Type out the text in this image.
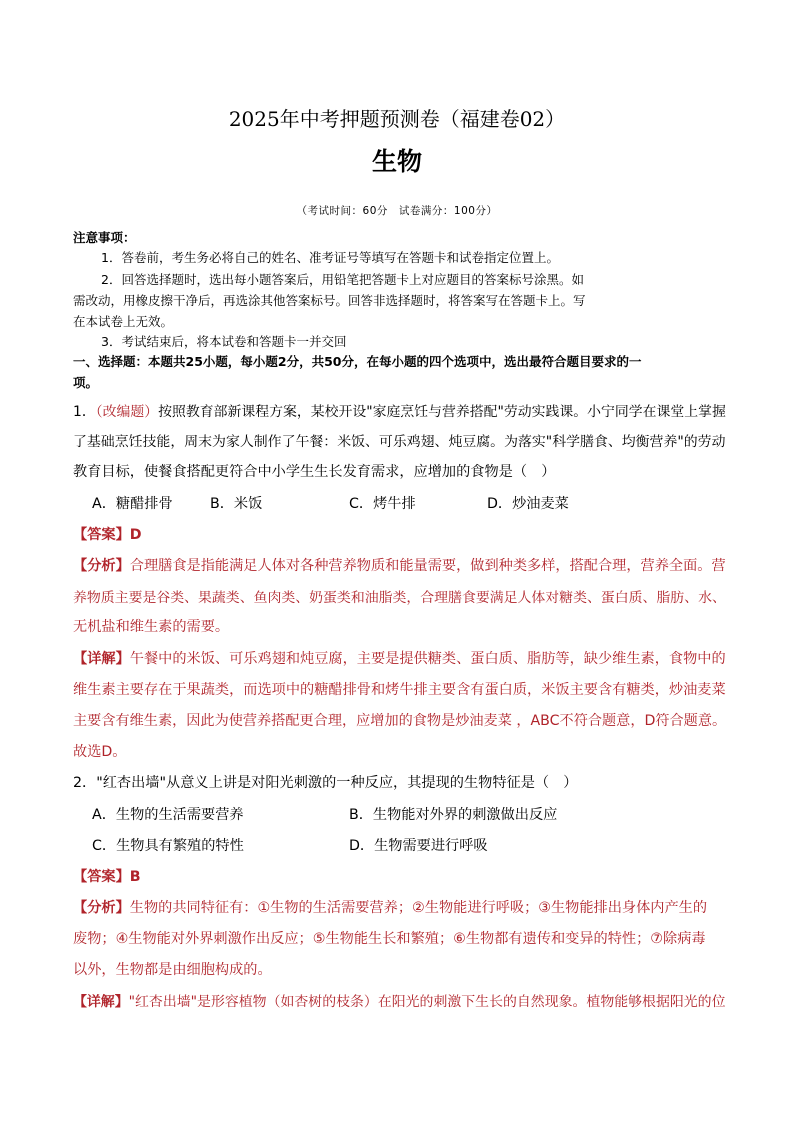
2025年中考押题预测卷（福建卷02）
生物
（考试时间：60分　试卷满分：100分）
注意事项：
1．答卷前，考生务必将自己的姓名、准考证号等填写在答题卡和试卷指定位置上。
2．回答选择题时，选出每小题答案后，用铅笔把答题卡上对应题目的答案标号涂黑。如
需改动，用橡皮擦干净后，再选涂其他答案标号。回答非选择题时，将答案写在答题卡上。写
在本试卷上无效。
3．考试结束后，将本试卷和答题卡一并交回
一、选择题：本题共25小题，每小题2分，共50分，在每小题的四个选项中，选出最符合题目要求的一
项。
1．（改编题）按照教育部新课程方案，某校开设"家庭烹饪与营养搭配"劳动实践课。小宁同学在课堂上掌握
了基础烹饪技能，周末为家人制作了午餐：米饭、可乐鸡翅、炖豆腐。为落实"科学膳食、均衡营养"的劳动
教育目标，使餐食搭配更符合中小学生生长发育需求，应增加的食物是（　）
A．糖醋排骨	B．米饭	C．烤牛排	D．炒油麦菜
【答案】D
【分析】合理膳食是指能满足人体对各种营养物质和能量需要，做到种类多样，搭配合理，营养全面。营
养物质主要是谷类、果蔬类、鱼肉类、奶蛋类和油脂类，合理膳食要满足人体对糖类、蛋白质、脂肪、水、
无机盐和维生素的需要。
【详解】午餐中的米饭、可乐鸡翅和炖豆腐，主要是提供糖类、蛋白质、脂肪等，缺少维生素，食物中的
维生素主要存在于果蔬类，而选项中的糖醋排骨和烤牛排主要含有蛋白质，米饭主要含有糖类，炒油麦菜
主要含有维生素，因此为使营养搭配更合理，应增加的食物是炒油麦菜 ，ABC不符合题意，D符合题意。
故选D。
2．"红杏出墙"从意义上讲是对阳光刺激的一种反应，其提现的生物特征是（　）
A．生物的生活需要营养	B．生物能对外界的刺激做出反应
C．生物具有繁殖的特性	D．生物需要进行呼吸
【答案】B
【分析】生物的共同特征有：①生物的生活需要营养；②生物能进行呼吸；③生物能排出身体内产生的
废物；④生物能对外界刺激作出反应；⑤生物能生长和繁殖；⑥生物都有遗传和变异的特性；⑦除病毒
以外，生物都是由细胞构成的。
【详解】"红杏出墙"是形容植物（如杏树的枝条）在阳光的刺激下生长的自然现象。植物能够根据阳光的位
